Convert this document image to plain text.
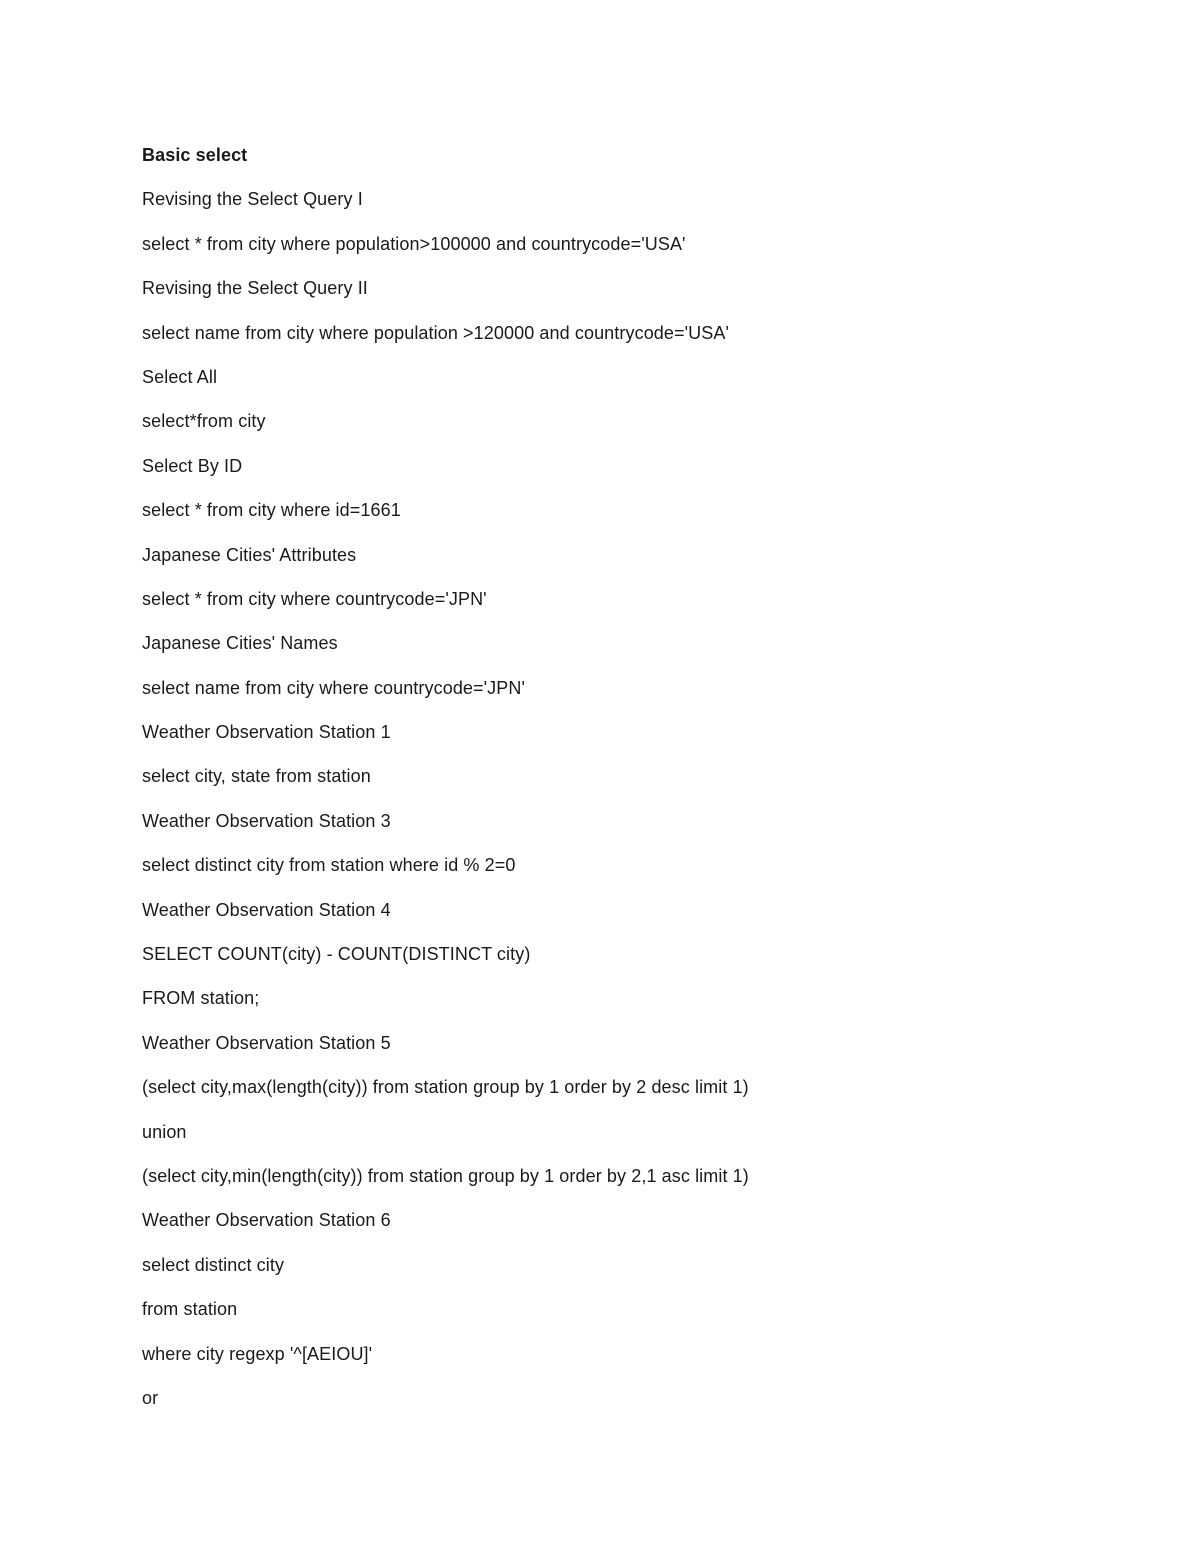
Basic select
Revising the Select Query I
select * from city where population>100000 and countrycode='USA'
Revising the Select Query II
select name from city where population >120000 and countrycode='USA'
Select All
select*from city
Select By ID
select * from city where id=1661
Japanese Cities' Attributes
select * from city where countrycode='JPN'
Japanese Cities' Names
select name from city where countrycode='JPN'
Weather Observation Station 1
select city, state from station
Weather Observation Station 3
select distinct city from station where id % 2=0
Weather Observation Station 4
SELECT COUNT(city) - COUNT(DISTINCT city)
FROM station;
Weather Observation Station 5
(select city,max(length(city)) from station group by 1 order by 2 desc limit 1)
union
(select city,min(length(city)) from station group by 1 order by 2,1 asc limit 1)
Weather Observation Station 6
select distinct city
from station
where city regexp '^[AEIOU]'
or
